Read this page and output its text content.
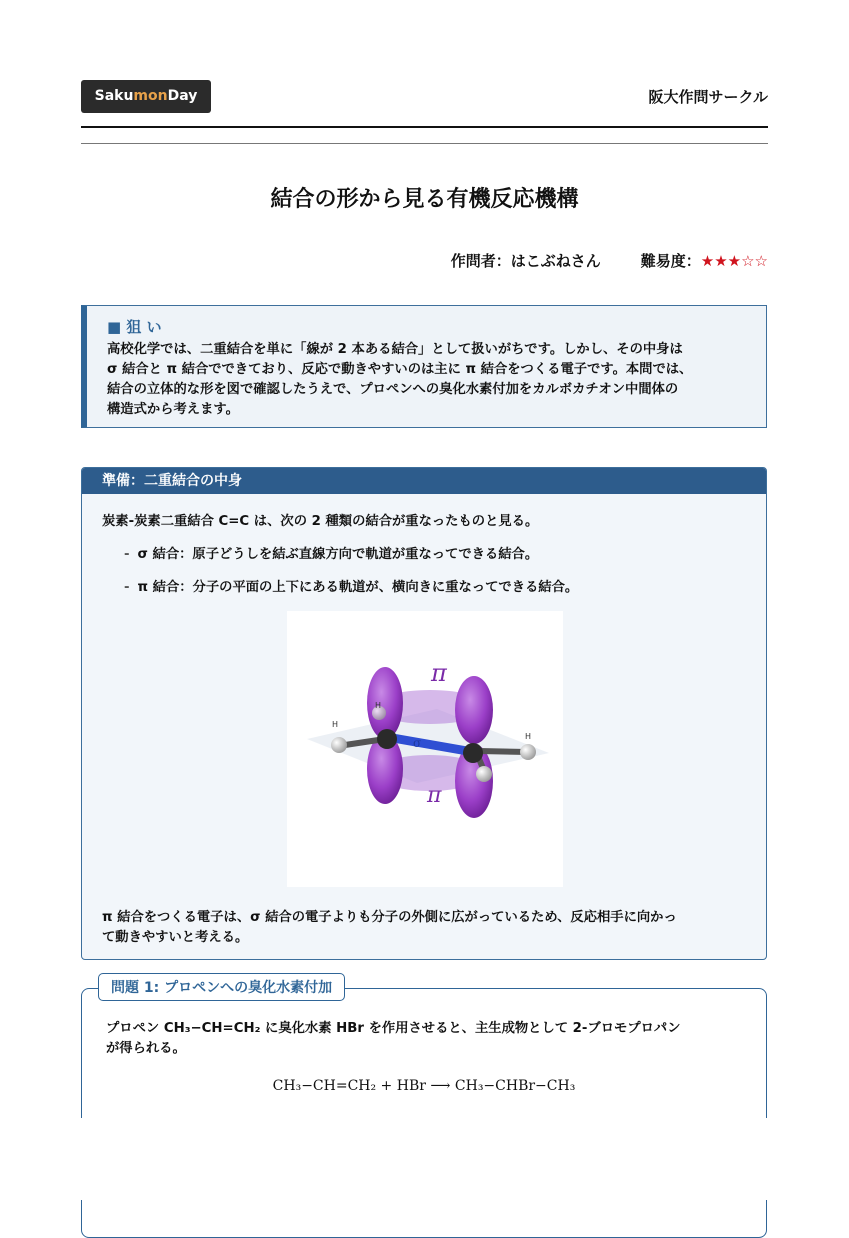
SakumonDay	阪大作問サークル
結合の形から見る有機反応機構
作問者：はこぶねさん	難易度：★★★☆☆
■ 狙 い

高校化学では、二重結合を単に「線が 2 本ある結合」として扱いがちです。しかし、その中身は

σ 結合と π 結合でできており、反応で動きやすいのは主に π 結合をつくる電子です。本問では、

結合の立体的な形を図で確認したうえで、プロペンへの臭化水素付加をカルボカチオン中間体の

構造式から考えます。

準備：二重結合の中身
炭素-炭素二重結合 C=C は、次の 2 種類の結合が重なったものと見る。
- σ 結合：原子どうしを結ぶ直線方向で軌道が重なってできる結合。
- π 結合：分子の平面の上下にある軌道が、横向きに重なってできる結合。
H
H
H
π
π
σ
π 結合をつくる電子は、σ 結合の電子よりも分子の外側に広がっているため、反応相手に向かっ
て動きやすいと考える。
問題 1: プロペンへの臭化水素付加
プロペン CH₃−CH=CH₂ に臭化水素 HBr を作用させると、主生成物として 2-ブロモプロパン
が得られる。
CH₃−CH=CH₂ + HBr ⟶ CH₃−CHBr−CH₃
